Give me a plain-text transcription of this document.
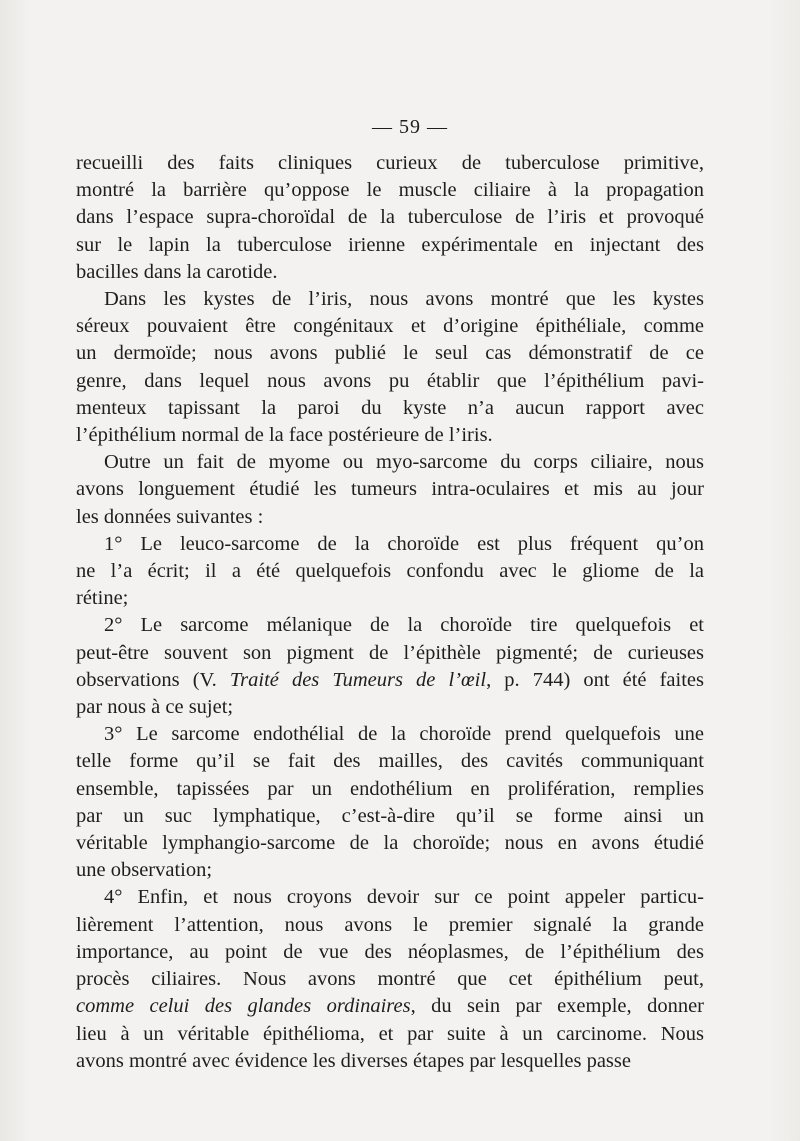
— 59 —
recueilli des faits cliniques curieux de tuberculose primitive,
montré la barrière qu’oppose le muscle ciliaire à la propagation
dans l’espace supra-choroïdal de la tuberculose de l’iris et provoqué
sur le lapin la tuberculose irienne expérimentale en injectant des
bacilles dans la carotide.
Dans les kystes de l’iris, nous avons montré que les kystes
séreux pouvaient être congénitaux et d’origine épithéliale, comme
un dermoïde; nous avons publié le seul cas démonstratif de ce
genre, dans lequel nous avons pu établir que l’épithélium pavi-
menteux tapissant la paroi du kyste n’a aucun rapport avec
l’épithélium normal de la face postérieure de l’iris.
Outre un fait de myome ou myo-sarcome du corps ciliaire, nous
avons longuement étudié les tumeurs intra-oculaires et mis au jour
les données suivantes :
1° Le leuco-sarcome de la choroïde est plus fréquent qu’on
ne l’a écrit; il a été quelquefois confondu avec le gliome de la
rétine;
2° Le sarcome mélanique de la choroïde tire quelquefois et
peut-être souvent son pigment de l’épithèle pigmenté; de curieuses
observations (V. Traité des Tumeurs de l’œil, p. 744) ont été faites
par nous à ce sujet;
3° Le sarcome endothélial de la choroïde prend quelquefois une
telle forme qu’il se fait des mailles, des cavités communiquant
ensemble, tapissées par un endothélium en prolifération, remplies
par un suc lymphatique, c’est-à-dire qu’il se forme ainsi un
véritable lymphangio-sarcome de la choroïde; nous en avons étudié
une observation;
4° Enfin, et nous croyons devoir sur ce point appeler particu-
lièrement l’attention, nous avons le premier signalé la grande
importance, au point de vue des néoplasmes, de l’épithélium des
procès ciliaires. Nous avons montré que cet épithélium peut,
comme celui des glandes ordinaires, du sein par exemple, donner
lieu à un véritable épithélioma, et par suite à un carcinome. Nous
avons montré avec évidence les diverses étapes par lesquelles passe
